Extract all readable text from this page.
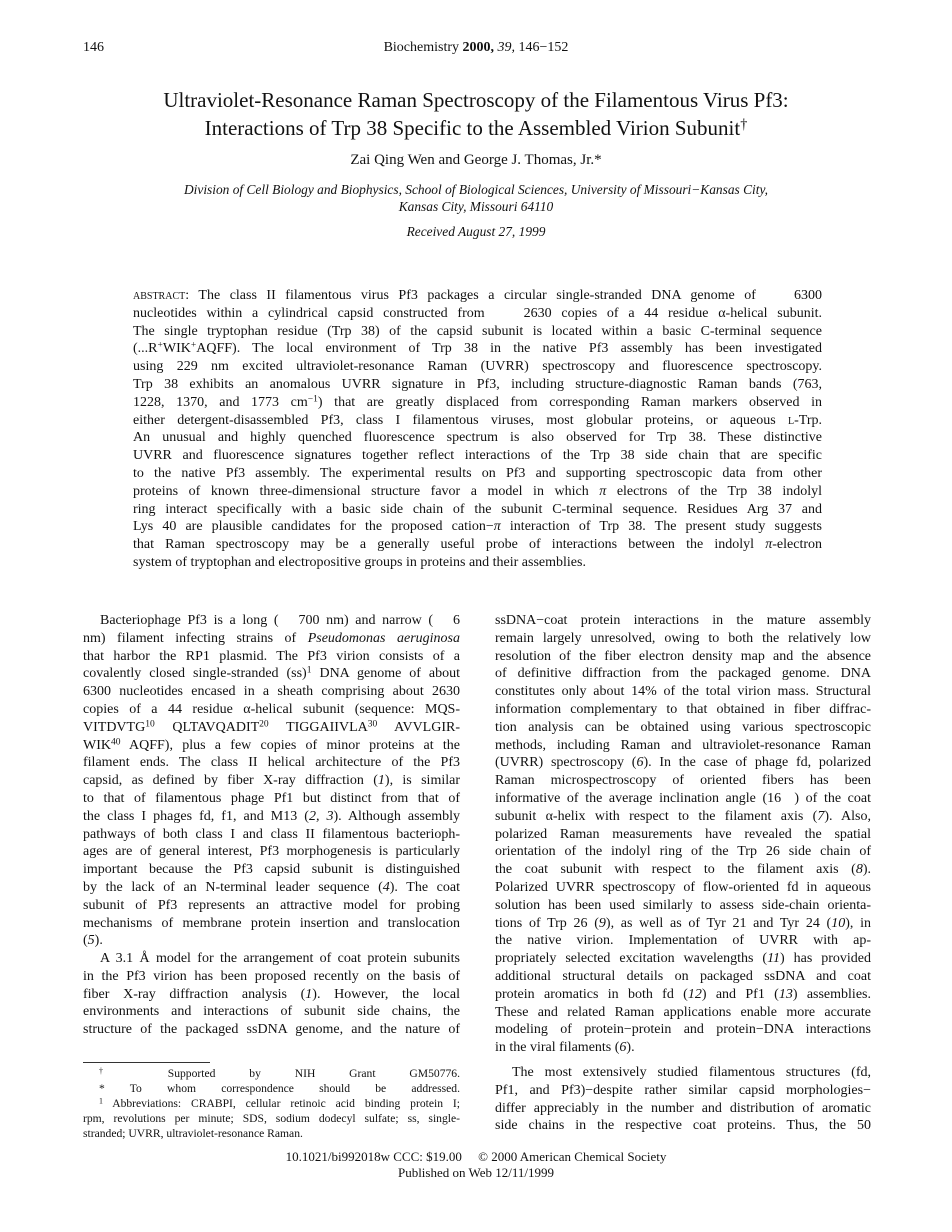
146	Biochemistry 2000, 39, 146−152
Ultraviolet-Resonance Raman Spectroscopy of the Filamentous Virus Pf3:
Interactions of Trp 38 Specific to the Assembled Virion Subunit†
Zai Qing Wen and George J. Thomas, Jr.*
Division of Cell Biology and Biophysics, School of Biological Sciences, University of Missouri−Kansas City,
Kansas City, Missouri 64110
Received August 27, 1999
abstract: The class II filamentous virus Pf3 packages a circular single-stranded DNA genome of    6300
nucleotides within a cylindrical capsid constructed from    2630 copies of a 44 residue α-helical subunit.
The single tryptophan residue (Trp 38) of the capsid subunit is located within a basic C-terminal sequence
(...R+WIK+AQFF). The local environment of Trp 38 in the native Pf3 assembly has been investigated
using 229 nm excited ultraviolet-resonance Raman (UVRR) spectroscopy and fluorescence spectroscopy.
Trp 38 exhibits an anomalous UVRR signature in Pf3, including structure-diagnostic Raman bands (763,
1228, 1370, and 1773 $cm^{-1}$) that are greatly displaced from corresponding Raman markers observed in
either detergent-disassembled Pf3, class I filamentous viruses, most globular proteins, or aqueous l-Trp.
An unusual and highly quenched fluorescence spectrum is also observed for Trp 38. These distinctive
UVRR and fluorescence signatures together reflect interactions of the Trp 38 side chain that are specific
to the native Pf3 assembly. The experimental results on Pf3 and supporting spectroscopic data from other
proteins of known three-dimensional structure favor a model in which π electrons of the Trp 38 indolyl
ring interact specifically with a basic side chain of the subunit C-terminal sequence. Residues Arg 37 and
Lys 40 are plausible candidates for the proposed cation−π interaction of Trp 38. The present study suggests
that Raman spectroscopy may be a generally useful probe of interactions between the indolyl π-electron
system of tryptophan and electropositive groups in proteins and their assemblies.
Bacteriophage Pf3 is a long (   700 nm) and narrow (   6
nm) filament infecting strains of Pseudomonas aeruginosa
that harbor the RP1 plasmid. The Pf3 virion consists of a
covalently closed single-stranded (ss)$^1$ DNA genome of about
6300 nucleotides encased in a sheath comprising about 2630
copies of a 44 residue α-helical subunit (sequence: MQS-
VITDVTG$^{10}$ QLTAVQADIT$^{20}$ TIGGAIIVLA$^{30}$ AVVLGIR-
WIK$^{40}$ AQFF), plus a few copies of minor proteins at the
filament ends. The class II helical architecture of the Pf3
capsid, as defined by fiber X-ray diffraction (1), is similar
to that of filamentous phage Pf1 but distinct from that of
the class I phages fd, f1, and M13 (2, 3). Although assembly
pathways of both class I and class II filamentous bacterioph-
ages are of general interest, Pf3 morphogenesis is particularly
important because the Pf3 capsid subunit is distinguished
by the lack of an N-terminal leader sequence (4). The coat
subunit of Pf3 represents an attractive model for probing
mechanisms of membrane protein insertion and translocation
(5).
A 3.1 Å model for the arrangement of coat protein subunits
in the Pf3 virion has been proposed recently on the basis of
fiber X-ray diffraction analysis (1). However, the local
environments and interactions of subunit side chains, the
structure of the packaged ssDNA genome, and the nature of
ssDNA−coat protein interactions in the mature assembly
remain largely unresolved, owing to both the relatively low
resolution of the fiber electron density map and the absence
of definitive diffraction from the packaged genome. DNA
constitutes only about 14% of the total virion mass. Structural
information complementary to that obtained in fiber diffrac-
tion analysis can be obtained using various spectroscopic
methods, including Raman and ultraviolet-resonance Raman
(UVRR) spectroscopy (6). In the case of phage fd, polarized
Raman microspectroscopy of oriented fibers has been
informative of the average inclination angle (16  ) of the coat
subunit α-helix with respect to the filament axis (7). Also,
polarized Raman measurements have revealed the spatial
orientation of the indolyl ring of the Trp 26 side chain of
the coat subunit with respect to the filament axis (8).
Polarized UVRR spectroscopy of flow-oriented fd in aqueous
solution has been used similarly to assess side-chain orienta-
tions of Trp 26 (9), as well as of Tyr 21 and Tyr 24 (10), in
the native virion. Implementation of UVRR with ap-
propriately selected excitation wavelengths (11) has provided
additional structural details on packaged ssDNA and coat
protein aromatics in both fd (12) and Pf1 (13) assemblies.
These and related Raman applications enable more accurate
modeling of protein−protein and protein−DNA interactions
in the viral filaments (6).
The most extensively studied filamentous structures (fd,
Pf1, and Pf3)−despite rather similar capsid morphologies−
differ appreciably in the number and distribution of aromatic
side chains in the respective coat proteins. Thus, the 50
† Supported by NIH Grant GM50776.
* To whom correspondence should be addressed.
$^1$ Abbreviations: CRABPI, cellular retinoic acid binding protein I;
rpm, revolutions per minute; SDS, sodium dodecyl sulfate; ss, single-
stranded; UVRR, ultraviolet-resonance Raman.
10.1021/bi992018w CCC: $19.00     © 2000 American Chemical Society
Published on Web 12/11/1999
